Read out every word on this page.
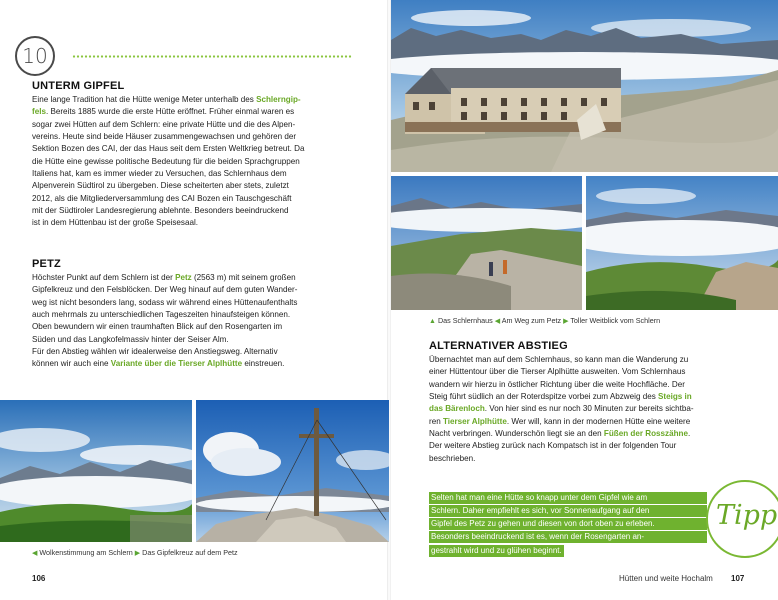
10
UNTERM GIPFEL
Eine lange Tradition hat die Hütte wenige Meter unterhalb des Schlerngip-
fels. Bereits 1885 wurde die erste Hütte eröffnet. Früher einmal waren es
sogar zwei Hütten auf dem Schlern: eine private Hütte und die des Alpen-
vereins. Heute sind beide Häuser zusammengewachsen und gehören der
Sektion Bozen des CAI, der das Haus seit dem Ersten Weltkrieg betreut. Da
die Hütte eine gewisse politische Bedeutung für die beiden Sprachgruppen
Italiens hat, kam es immer wieder zu Versuchen, das Schlernhaus dem
Alpenverein Südtirol zu übergeben. Diese scheiterten aber stets, zuletzt
2012, als die Mitgliederversammlung des CAI Bozen ein Tauschgeschäft
mit der Südtiroler Landesregierung ablehnte. Besonders beeindruckend
ist in dem Hüttenbau ist der große Speisesaal.
PETZ
Höchster Punkt auf dem Schlern ist der Petz (2563 m) mit seinem großen
Gipfelkreuz und den Felsblöcken. Der Weg hinauf auf dem guten Wander-
weg ist nicht besonders lang, sodass wir während eines Hüttenaufenthalts
auch mehrmals zu unterschiedlichen Tageszeiten hinaufsteigen können.
Oben bewundern wir einen traumhaften Blick auf den Rosengarten im
Süden und das Langkofelmassiv hinter der Seiser Alm.
Für den Abstieg wählen wir idealerweise den Anstiegsweg. Alternativ
können wir auch eine Variante über die Tierser Alplhütte einstreuen.
◀ Wolkenstimmung am Schlern ▶ Das Gipfelkreuz auf dem Petz
106
▲ Das Schlernhaus ◀ Am Weg zum Petz ▶ Toller Weitblick vom Schlern
ALTERNATIVER ABSTIEG
Übernachtet man auf dem Schlernhaus, so kann man die Wanderung zu
einer Hüttentour über die Tierser Alplhütte ausweiten. Vom Schlernhaus
wandern wir hierzu in östlicher Richtung über die weite Hochfläche. Der
Steig führt südlich an der Roterdspitze vorbei zum Abzweig des Steigs in
das Bärenloch. Von hier sind es nur noch 30 Minuten zur bereits sichtba-
ren Tierser Alplhütte. Wer will, kann in der modernen Hütte eine weitere
Nacht verbringen. Wunderschön liegt sie an den Füßen der Rosszähne.
Der weitere Abstieg zurück nach Kompatsch ist in der folgenden Tour
beschrieben.
Selten hat man eine Hütte so knapp unter dem Gipfel wie am
Schlern. Daher empfiehlt es sich, vor Sonnenaufgang auf den
Gipfel des Petz zu gehen und diesen von dort oben zu erleben.
Besonders beeindruckend ist es, wenn der Rosengarten an-
gestrahlt wird und zu glühen beginnt.
Tipp
Hütten und weite Hochalm 107
